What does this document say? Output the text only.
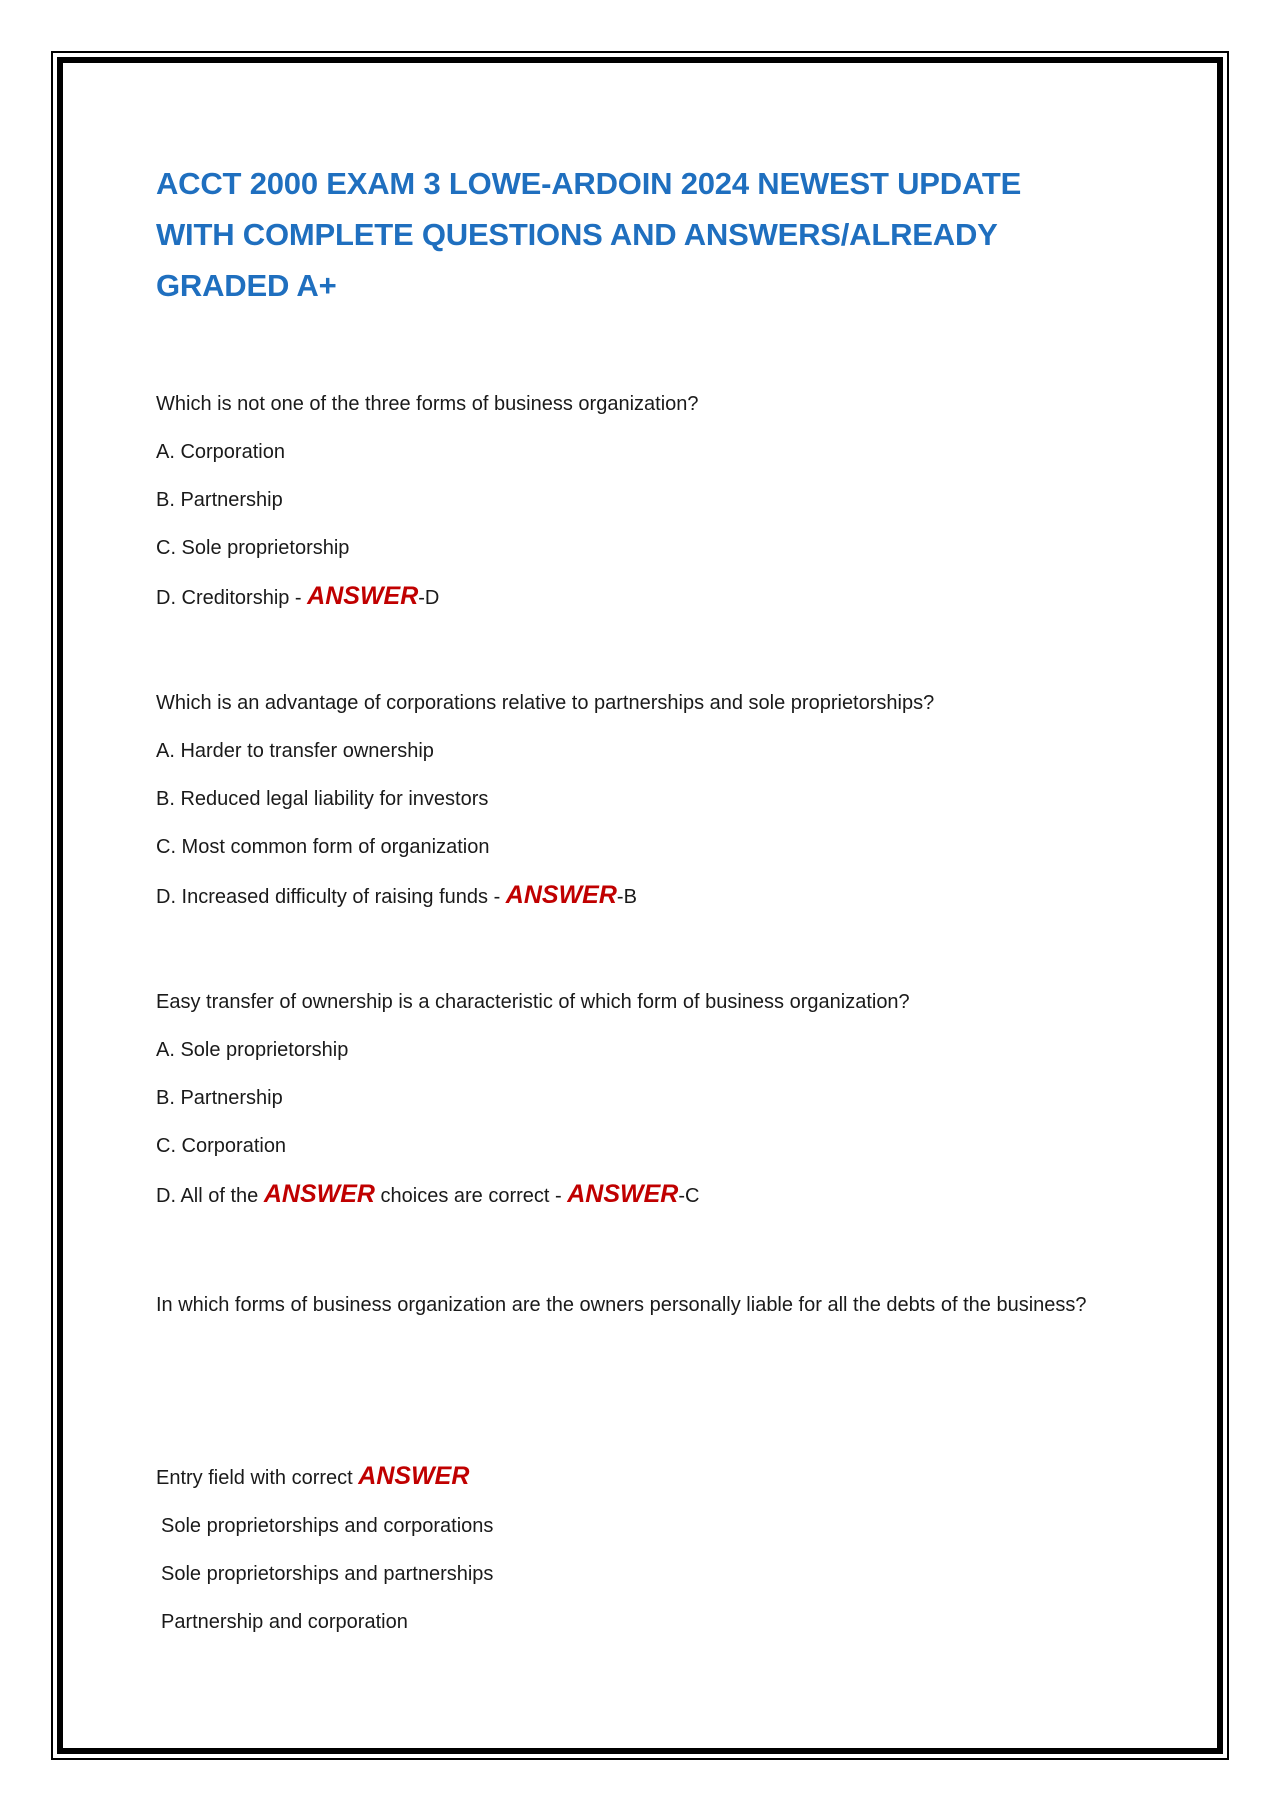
ACCT 2000 EXAM 3 LOWE-ARDOIN 2024 NEWEST UPDATE WITH COMPLETE QUESTIONS AND ANSWERS/ALREADY GRADED A+

Which is not one of the three forms of business organization?

A. Corporation

B. Partnership

C. Sole proprietorship

D. Creditorship - ANSWER-D

Which is an advantage of corporations relative to partnerships and sole proprietorships?

A. Harder to transfer ownership

B. Reduced legal liability for investors

C. Most common form of organization

D. Increased difficulty of raising funds - ANSWER-B

Easy transfer of ownership is a characteristic of which form of business organization?

A. Sole proprietorship

B. Partnership

C. Corporation

D. All of the ANSWER choices are correct - ANSWER-C

In which forms of business organization are the owners personally liable for all the debts of the business?

Entry field with correct ANSWER

Sole proprietorships and corporations

Sole proprietorships and partnerships

Partnership and corporation
